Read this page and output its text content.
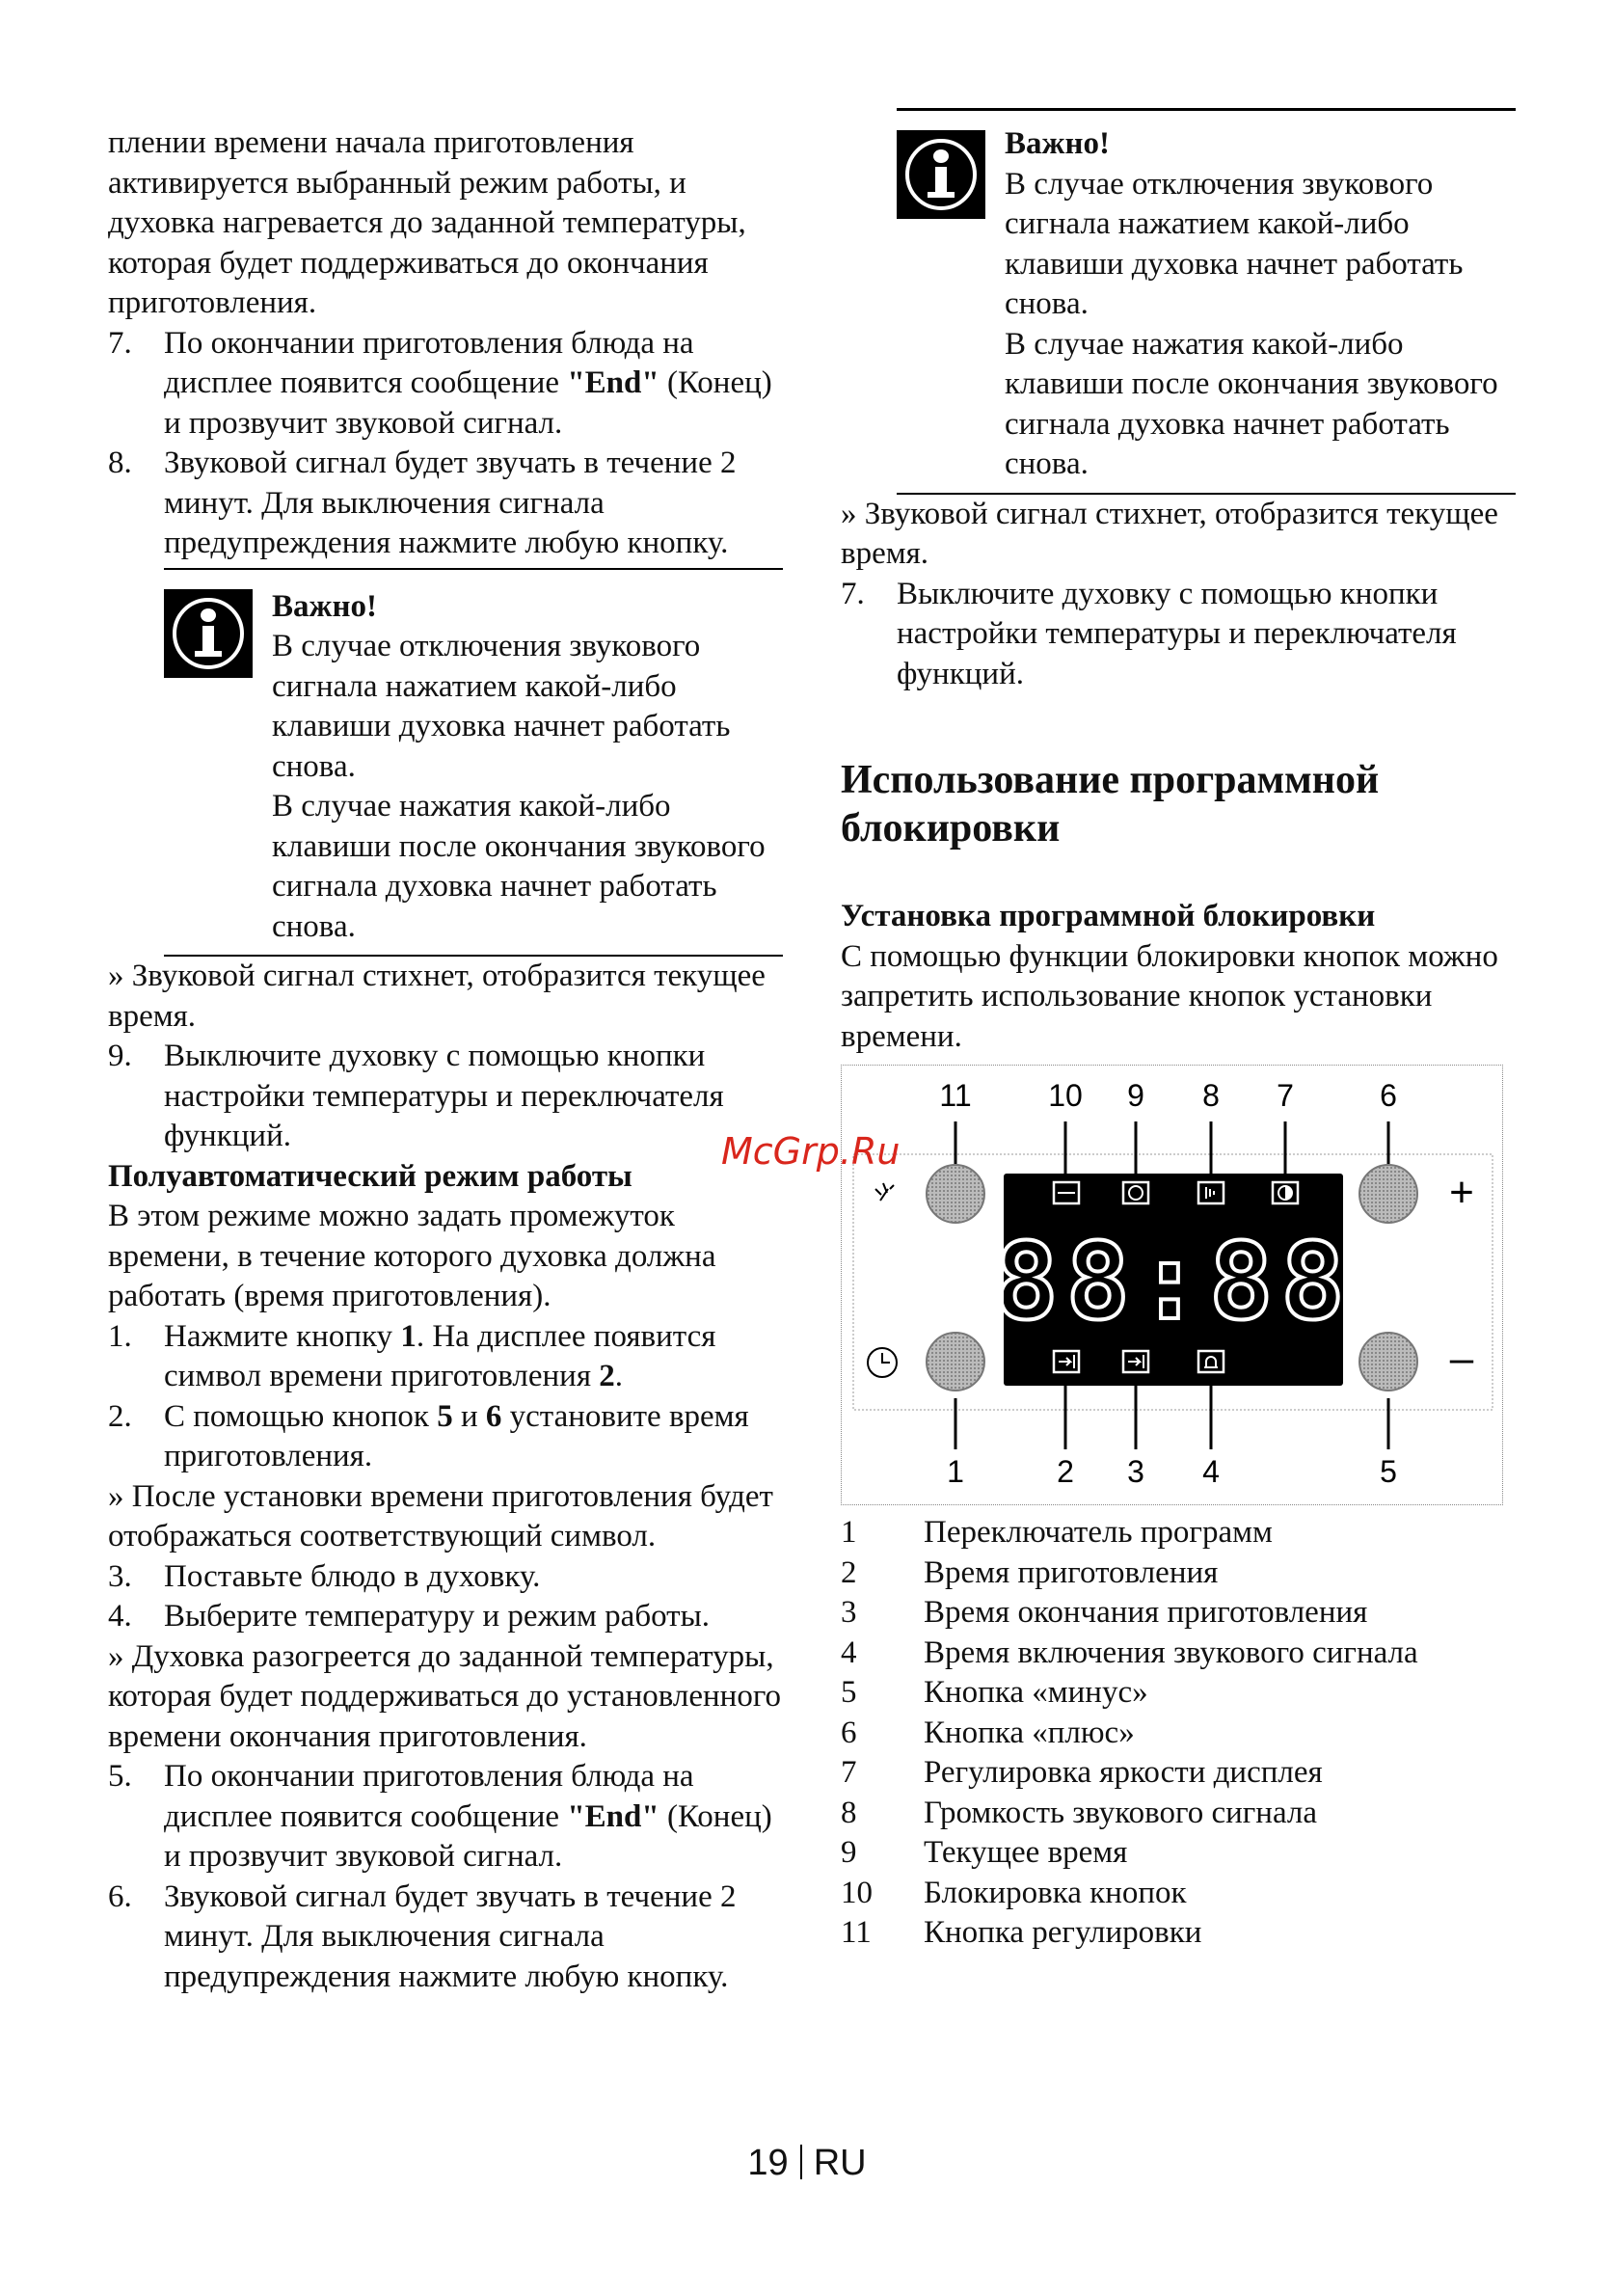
плении времени начала приготовления активируется выбранный режим работы, и духовка нагревается до заданной температуры, которая будет поддерживаться до окончания приготовления.

7. По окончании приготовления блюда на дисплее появится сообщение "End" (Конец) и прозвучит звуковой сигнал.

8. Звуковой сигнал будет звучать в течение 2 минут. Для выключения сигнала предупреждения нажмите любую кнопку.

Важно!

В случае отключения звукового сигнала нажатием какой-либо клавиши духовка начнет работать снова.

В случае нажатия какой-либо клавиши после окончания звукового сигнала духовка начнет работать снова.

» Звуковой сигнал стихнет, отобразится текущее время.

9. Выключите духовку с помощью кнопки настройки температуры и переключателя функций.

Полуавтоматический режим работы

В этом режиме можно задать промежуток времени, в течение которого духовка должна работать (время приготовления).

1. Нажмите кнопку 1. На дисплее появится символ времени приготовления 2.

2. С помощью кнопок 5 и 6 установите время приготовления.

» После установки времени приготовления будет отображаться соответствующий символ.

3. Поставьте блюдо в духовку.

4. Выберите температуру и режим работы.

» Духовка разогреется до заданной температуры, которая будет поддерживаться до установленного времени окончания приготовления.

5. По окончании приготовления блюда на дисплее появится сообщение "End" (Конец) и прозвучит звуковой сигнал.

6. Звуковой сигнал будет звучать в течение 2 минут. Для выключения сигнала предупреждения нажмите любую кнопку.

Важно!

В случае отключения звукового сигнала нажатием какой-либо клавиши духовка начнет работать снова.

В случае нажатия какой-либо клавиши после окончания звукового сигнала духовка начнет работать снова.

» Звуковой сигнал стихнет, отобразится текущее время.

7. Выключите духовку с помощью кнопки настройки температуры и переключателя функций.

Использование программной блокировки

Установка программной блокировки

С помощью функции блокировки кнопок можно запретить использование кнопок установки времени.

88:88
11 10 9 8 7	6
1	2 3 4	5
+
–
1	Переключатель программ
2	Время приготовления
3	Время окончания приготовления
4	Время включения звукового сигнала
5	Кнопка «минус»
6	Кнопка «плюс»
7	Регулировка яркости дисплея
8	Громкость звукового сигнала
9	Текущее время
10	Блокировка кнопок
11	Кнопка регулировки
McGrp.Ru
19 RU
